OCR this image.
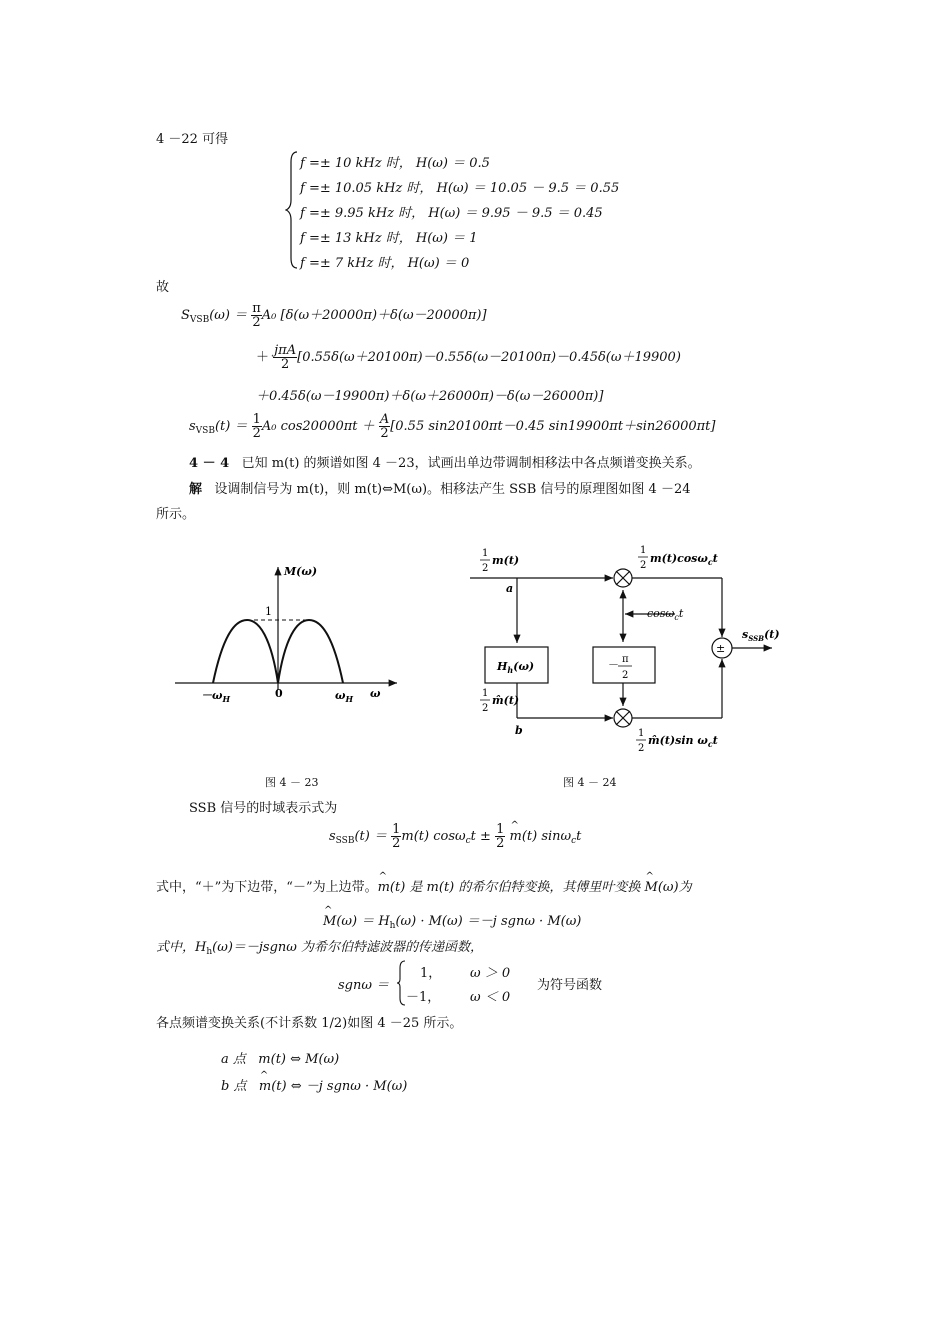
4 －22 可得
f =± 10 kHz 时， H(ω) ＝ 0.5
f =± 10.05 kHz 时， H(ω) ＝ 10.05 － 9.5 ＝ 0.55
f =± 9.95 kHz 时， H(ω) ＝ 9.95 － 9.5 ＝ 0.45
f =± 13 kHz 时， H(ω) ＝ 1
f =± 7 kHz 时， H(ω) ＝ 0
故
$S_{VSB}(\omega) = \frac{\pi}{2} A_0$ [δ(ω＋20000π)＋δ(ω－20000π)]
＋ $\frac{\text{jπA}}{2} [0.55\delta(\omega+20100\pi)-0.55\delta(\omega-20100\pi)-0.45\delta(\omega+19900)$
＋0.45δ(ω－19900π)＋δ(ω＋26000π)－δ(ω－26000π)]
$s_{VSB}(t) = \frac{1}{2} A_0$ $\cos 20000\pi t + \frac{A}{2} [0.55$ sin20100πt－0.45 sin19900πt＋sin26000πt]
4 － 4 已知 m(t) 的频谱如图 4 －23，试画出单边带调制相移法中各点频谱变换关系。
解 设调制信号为 m(t)，则 m(t)⇔M(ω)。相移法产生 SSB 信号的原理图如图 4 －24
所示。
M(ω)
1
$-\omega_H$	0	$\omega_H$ ω
图 4 － 23
1
2
m(t)
a
1
2
m(t)cosω$_c$t
cosω$_c$t
$H_h(\omega)$	－ π
2
±
$s_{SSB}(t)$
1
2
m̂(t)
b	1
2
m̂(t)sin $\omega_ct$
图 4 － 24
SSB 信号的时域表示式为
$s_{SSB}(t) = \frac{1}{2} m(t) \cos\omega_ct \pm \frac{1}{2}$ ^ m(t) sinω$_c$t
式中，“＋”为下边带，“－”为上边带。^ m(t) 是 m(t) 的希尔伯特变换，其傅里叶变换 ^ M(ω)为
^ $M(\omega) = H_h(\omega) \cdot M(\omega) =-j$ sgnω · M(ω)
式中，$H_h(\omega)=-jsgn\omega$ 为希尔伯特滤波器的传递函数，
sgnω ＝
1， ω ＞ 0
－1， ω ＜ 0
为符号函数
各点频谱变换关系(不计系数 1/2)如图 4 －25 所示。
a 点 m(t) ⇔ M(ω)
b 点 ^ m(t) ⇔ －j sgnω · M(ω)
